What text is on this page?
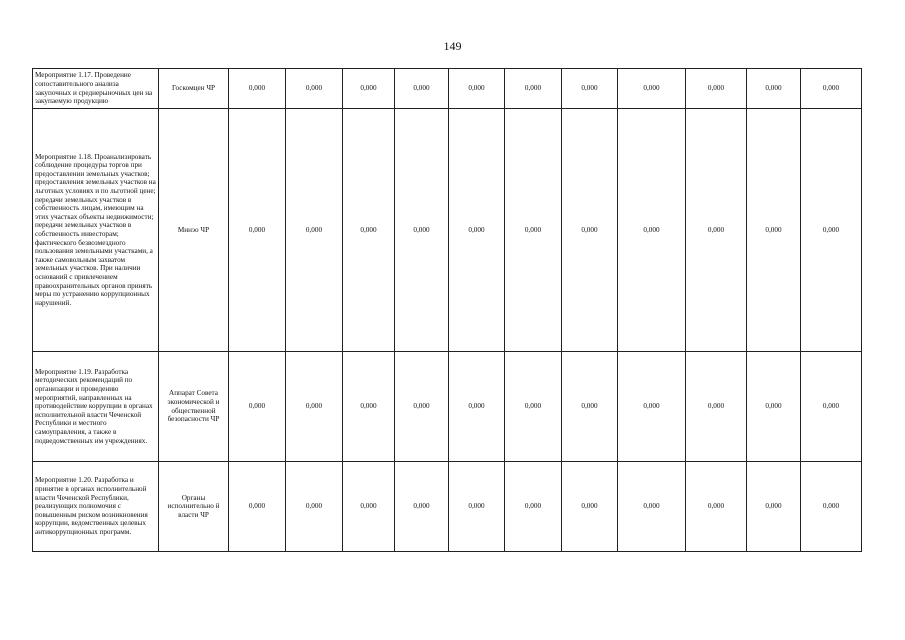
149
Мероприятие 1.17. Проведение сопоставительного анализа закупочных и среднерыночных цен на закупаемую продукцию	Госкомцен ЧР	0,000	0,000	0,000	0,000	0,000	0,000	0,000	0,000	0,000	0,000	0,000
Мероприятие 1.18. Проанализировать соблюдение процедуры торгов при предоставлении земельных участков; предоставления земельных участков на льготных условиях и по льготной цене; передачи земельных участков в собственность лицам, имеющим на этих участках объекты недвижимости; передачи земельных участков в собственность инвесторам; фактического безвозмездного пользования земельными участками, а также самовольным захватом земельных участков. При наличии оснований с привлечением правоохранительных органов принять меры по устранению коррупционных нарушений.	Минэо ЧР	0,000	0,000	0,000	0,000	0,000	0,000	0,000	0,000	0,000	0,000	0,000
Мероприятие 1.19. Разработка методических рекомендаций по организации и проведению мероприятий, направленных на противодействие коррупции в органах исполнительной власти Чеченской Республики и местного самоуправления, а также в подведомственных им учреждениях.	Аппарат Совета экономической и общественной безопасности ЧР	0,000	0,000	0,000	0,000	0,000	0,000	0,000	0,000	0,000	0,000	0,000
Мероприятие 1.20. Разработка и принятие в органах исполнительной власти Чеченской Республики, реализующих полномочия с повышенным риском возникновения коррупции, ведомственных целевых антикоррупционных программ.	Органы исполнительно й власти ЧР	0,000	0,000	0,000	0,000	0,000	0,000	0,000	0,000	0,000	0,000	0,000
